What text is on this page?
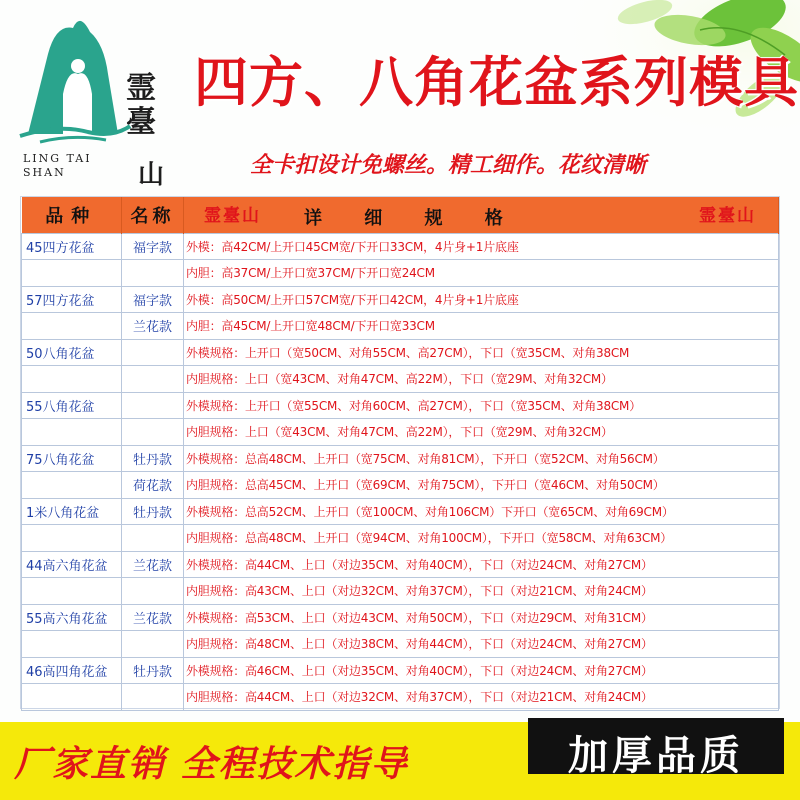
霊臺
LING TAI SHAN	山
四方、八角花盆系列模具
全卡扣设计免螺丝。精工细作。花纹清晰
品种	名称	霊臺山 详 细 规 格 霊臺山

45四方花盆	福字款	外模：高42CM/上开口45CM宽/下开口33CM，4片身+1片底座
		内胆：高37CM/上开口宽37CM/下开口宽24CM
57四方花盆	福字款	外模：高50CM/上开口57CM宽/下开口42CM，4片身+1片底座
	兰花款	内胆：高45CM/上开口宽48CM/下开口宽33CM
50八角花盆		外模规格：上开口（宽50CM、对角55CM、高27CM），下口（宽35CM、对角38CM
		内胆规格：上口（宽43CM、对角47CM、高22M），下口（宽29M、对角32CM）
55八角花盆		外模规格：上开口（宽55CM、对角60CM、高27CM），下口（宽35CM、对角38CM）
		内胆规格：上口（宽43CM、对角47CM、高22M），下口（宽29M、对角32CM）
75八角花盆	牡丹款	外模规格：总高48CM、上开口（宽75CM、对角81CM），下开口（宽52CM、对角56CM）
	荷花款	内胆规格：总高45CM、上开口（宽69CM、对角75CM），下开口（宽46CM、对角50CM）
1米八角花盆	牡丹款	外模规格：总高52CM、上开口（宽100CM、对角106CM）下开口（宽65CM、对角69CM）
		内胆规格：总高48CM、上开口（宽94CM、对角100CM），下开口（宽58CM、对角63CM）
44高六角花盆	兰花款	外模规格：高44CM、上口（对边35CM、对角40CM），下口（对边24CM、对角27CM）
		内胆规格：高43CM、上口（对边32CM、对角37CM），下口（对边21CM、对角24CM）
55高六角花盆	兰花款	外模规格：高53CM、上口（对边43CM、对角50CM），下口（对边29CM、对角31CM）
		内胆规格：高48CM、上口（对边38CM、对角44CM），下口（对边24CM、对角27CM）
46高四角花盆	牡丹款	外模规格：高46CM、上口（对边35CM、对角40CM），下口（对边24CM、对角27CM）
		内胆规格：高44CM、上口（对边32CM、对角37CM），下口（对边21CM、对角24CM）
厂家直销 全程技术指导	加厚品质
